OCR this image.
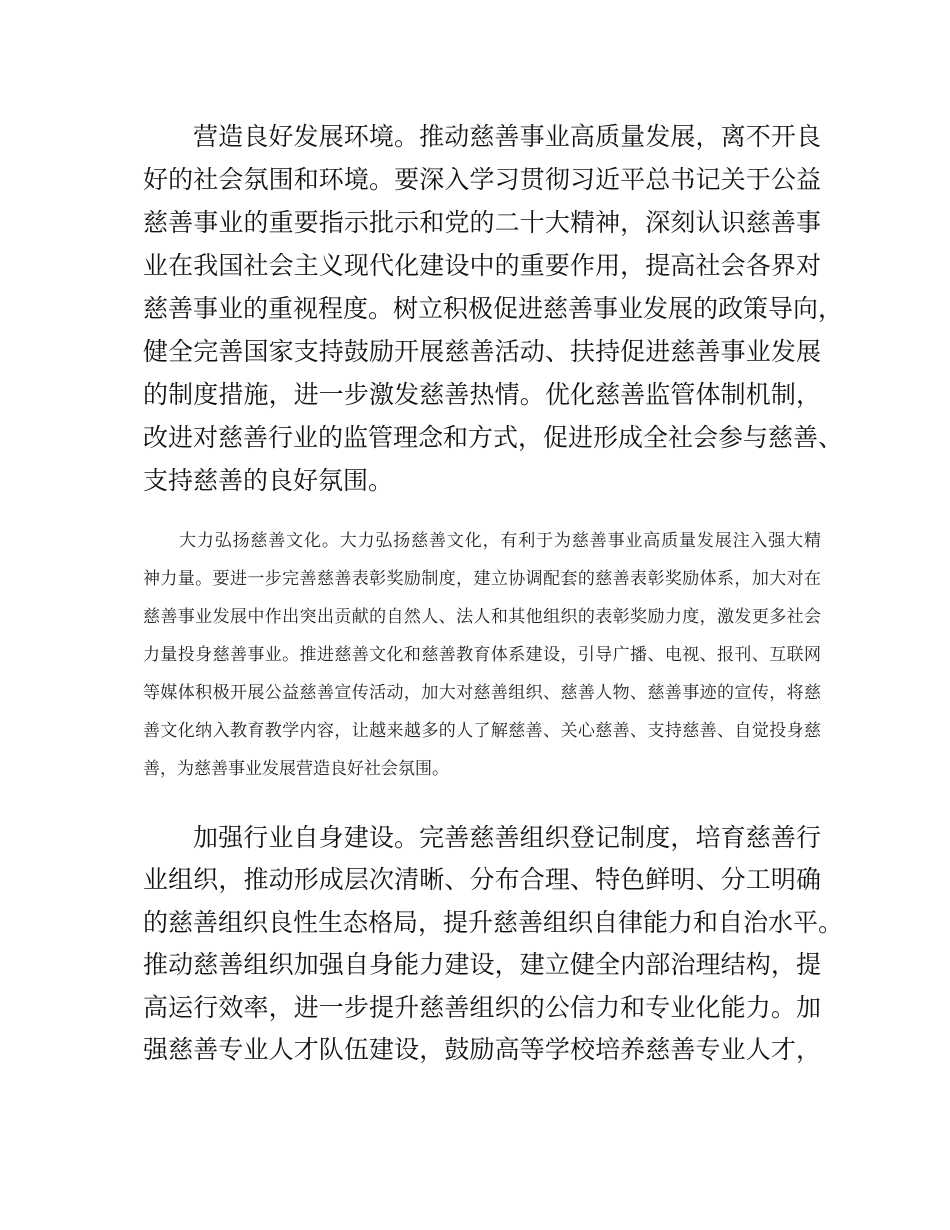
营造良好发展环境。推动慈善事业高质量发展，离不开良
好的社会氛围和环境。要深入学习贯彻习近平总书记关于公益
慈善事业的重要指示批示和党的二十大精神，深刻认识慈善事
业在我国社会主义现代化建设中的重要作用，提高社会各界对
慈善事业的重视程度。树立积极促进慈善事业发展的政策导向，
健全完善国家支持鼓励开展慈善活动、扶持促进慈善事业发展
的制度措施，进一步激发慈善热情。优化慈善监管体制机制，
改进对慈善行业的监管理念和方式，促进形成全社会参与慈善、
支持慈善的良好氛围。
大力弘扬慈善文化。大力弘扬慈善文化，有利于为慈善事业高质量发展注入强大精
神力量。要进一步完善慈善表彰奖励制度，建立协调配套的慈善表彰奖励体系，加大对在
慈善事业发展中作出突出贡献的自然人、法人和其他组织的表彰奖励力度，激发更多社会
力量投身慈善事业。推进慈善文化和慈善教育体系建设，引导广播、电视、报刊、互联网
等媒体积极开展公益慈善宣传活动，加大对慈善组织、慈善人物、慈善事迹的宣传，将慈
善文化纳入教育教学内容，让越来越多的人了解慈善、关心慈善、支持慈善、自觉投身慈
善，为慈善事业发展营造良好社会氛围。
加强行业自身建设。完善慈善组织登记制度，培育慈善行
业组织，推动形成层次清晰、分布合理、特色鲜明、分工明确
的慈善组织良性生态格局，提升慈善组织自律能力和自治水平。
推动慈善组织加强自身能力建设，建立健全内部治理结构，提
高运行效率，进一步提升慈善组织的公信力和专业化能力。加
强慈善专业人才队伍建设，鼓励高等学校培养慈善专业人才，
